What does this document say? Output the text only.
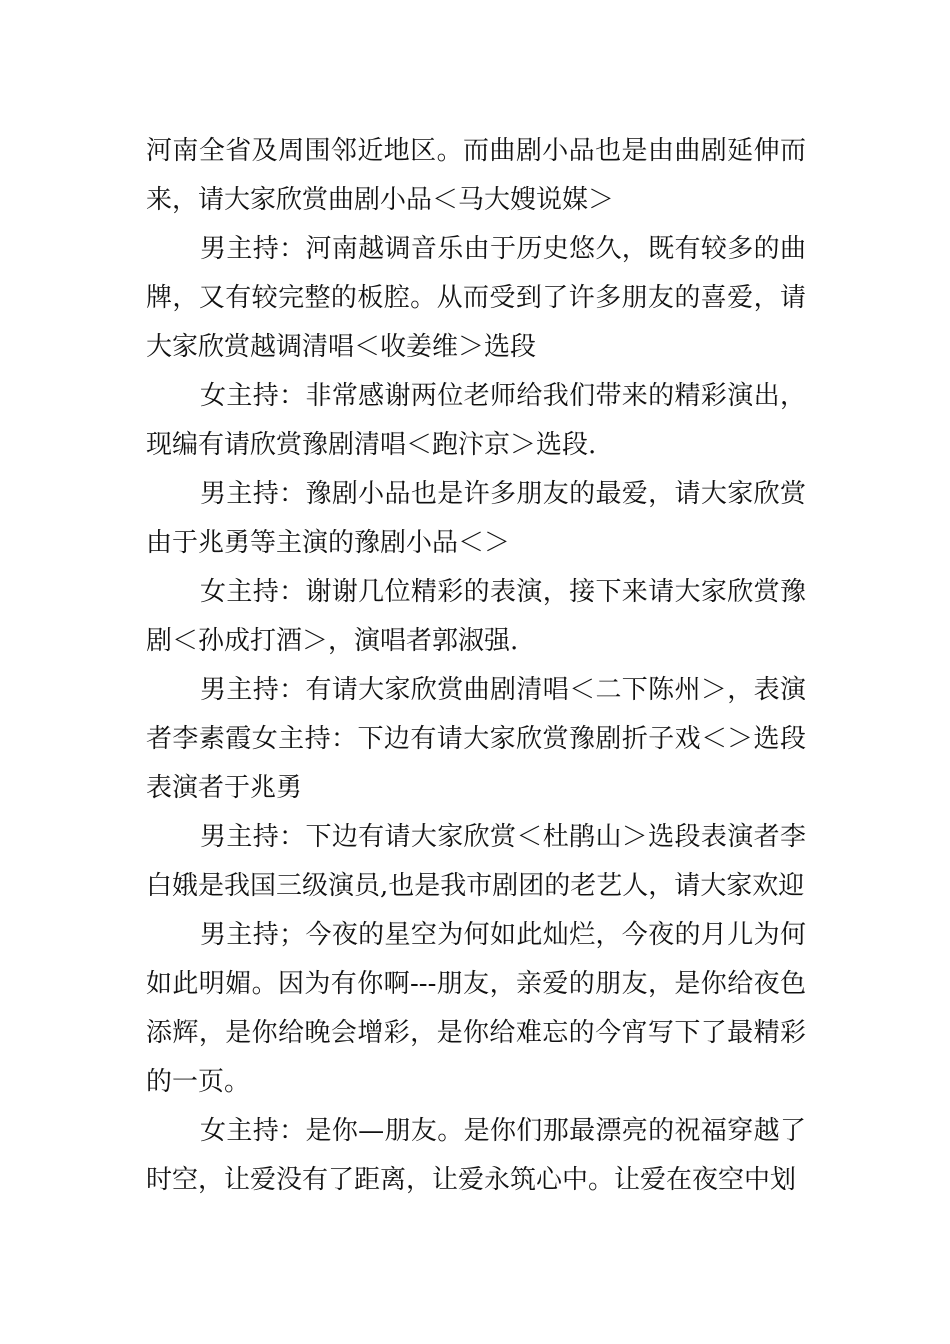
河南全省及周围邻近地区。而曲剧小品也是由曲剧延伸而来，请大家欣赏曲剧小品＜马大嫂说媒＞

男主持：河南越调音乐由于历史悠久，既有较多的曲牌，又有较完整的板腔。从而受到了许多朋友的喜爱，请大家欣赏越调清唱＜收姜维＞选段

女主持：非常感谢两位老师给我们带来的精彩演出，现编有请欣赏豫剧清唱＜跑汴京＞选段.

男主持：豫剧小品也是许多朋友的最爱，请大家欣赏由于兆勇等主演的豫剧小品＜＞

女主持：谢谢几位精彩的表演，接下来请大家欣赏豫剧＜孙成打酒＞，演唱者郭淑强.

男主持：有请大家欣赏曲剧清唱＜二下陈州＞，表演者李素霞女主持：下边有请大家欣赏豫剧折子戏＜＞选段表演者于兆勇

男主持：下边有请大家欣赏＜杜鹃山＞选段表演者李白娥是我国三级演员,也是我市剧团的老艺人，请大家欢迎

男主持；今夜的星空为何如此灿烂，今夜的月儿为何如此明媚。因为有你啊---朋友，亲爱的朋友，是你给夜色添辉，是你给晚会增彩，是你给难忘的今宵写下了最精彩的一页。

女主持：是你—朋友。是你们那最漂亮的祝福穿越了时空，让爱没有了距离，让爱永筑心中。让爱在夜空中划
